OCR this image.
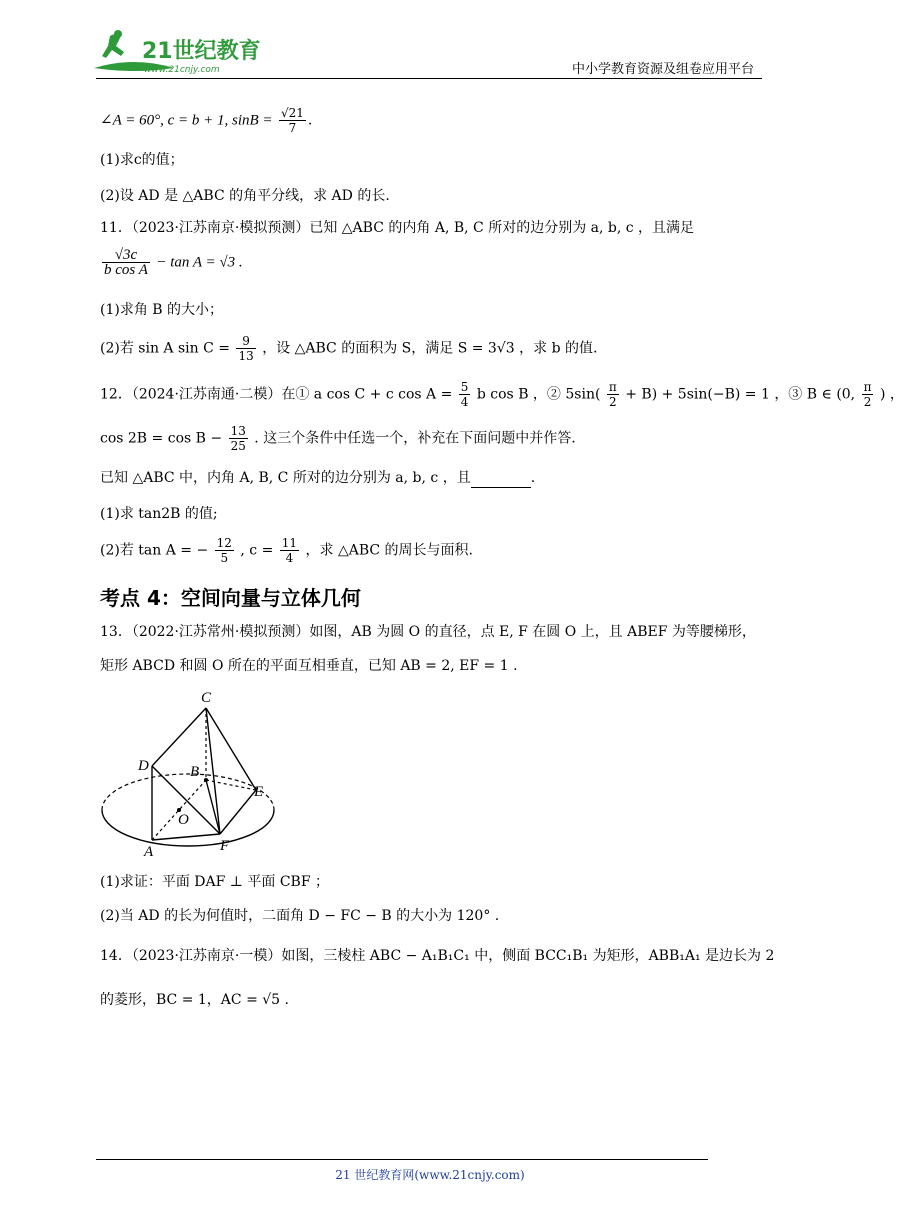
21世纪教育
www.21cnjy.com	中小学教育资源及组卷应用平台
∠A = 60°, c = b + 1, $\sin B = \frac{√21}{7}$ .
(1)求c的值；
(2)设 AD 是 △ABC 的角平分线，求 AD 的长.
11．（2023·江苏南京·模拟预测）已知 △ABC 的内角 A, B, C 所对的边分别为 a, b, c ，且满足
$\frac{√3c}{\text{b cos A}} - \tan A = √3$ .
(1)求角 B 的大小；
(2)若 sin A $\sin C = \frac{9}{13}$ ，设 △ABC 的面积为 S，满足 S = 3√3 ，求 b 的值.
12．（2024·江苏南通·二模）在① a cos C + c $\cos A = \frac{5}{4}$ b cos B ，② $5\sin( \frac{\pi}{2} + B) + 5\sin(-B) = 1$ ，③ B ∈ (0, $\frac{\pi}{2}$ ) ，
$\cos 2B = \cos B - \frac{13}{25}$ . 这三个条件中任选一个，补充在下面问题中并作答.
已知 △ABC 中，内角 A, B, C 所对的边分别为 a, b, c ，且	.
(1)求 tan2B 的值;
(2)若 tan A = − $\frac{12}{5}$ , $c = \frac{11}{4}$ ，求 △ABC 的周长与面积.
考点 4：空间向量与立体几何
13．（2022·江苏常州·模拟预测）如图，AB 为圆 O 的直径，点 E, F 在圆 O 上，且 ABEF 为等腰梯形，
矩形 ABCD 和圆 O 所在的平面互相垂直，已知 AB = 2, EF = 1 .
C
D	B
E
O
A	F
(1)求证：平面 DAF ⊥ 平面 CBF ；
(2)当 AD 的长为何值时，二面角 D − FC − B 的大小为 120° .
14．（2023·江苏南京·一模）如图，三棱柱 ABC − A₁B₁C₁ 中，侧面 BCC₁B₁ 为矩形，ABB₁A₁ 是边长为 2
的菱形，BC = 1，AC = √5 .
21 世纪教育网(www.21cnjy.com)
